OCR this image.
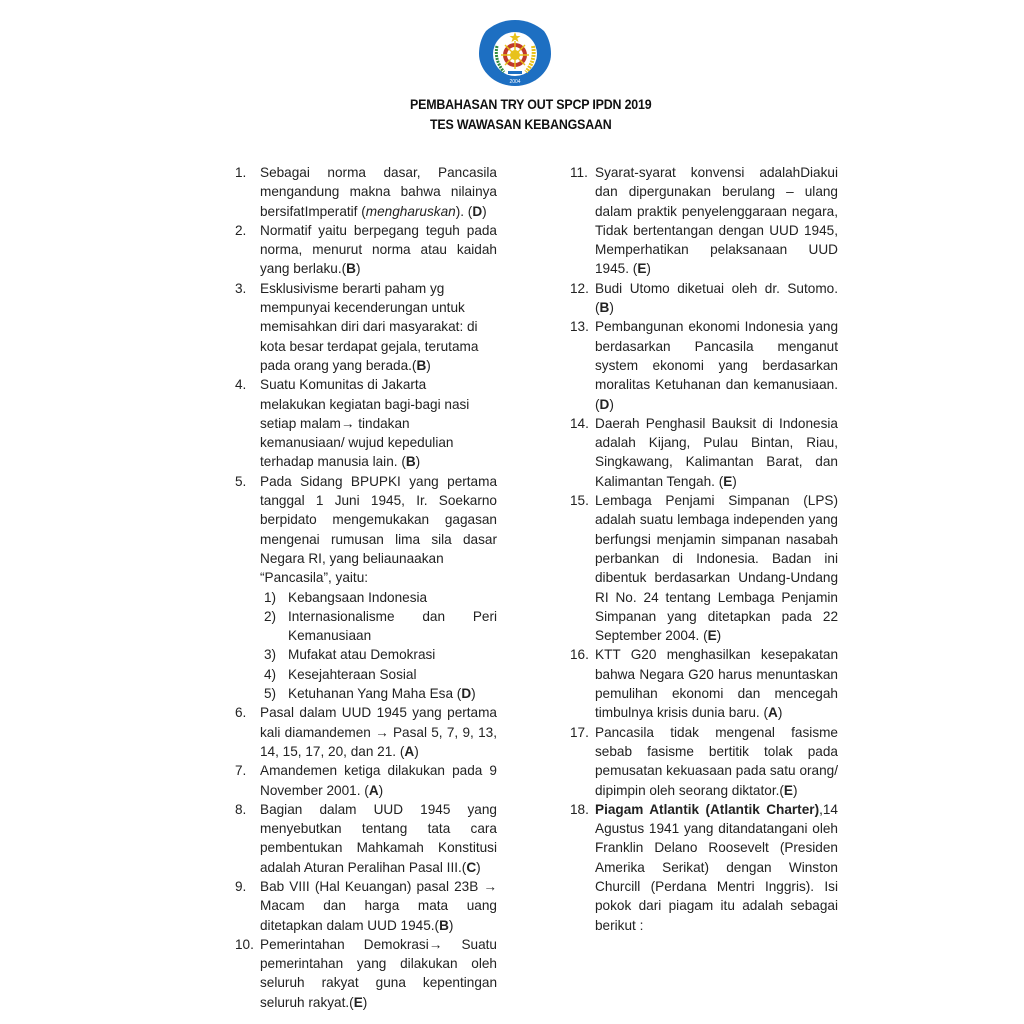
2004
PEMBAHASAN TRY OUT SPCP IPDN 2019
TES WAWASAN KEBANGSAAN
1. Sebagai norma dasar, Pancasila mengandung makna bahwa nilainya bersifatImperatif (mengharuskan). (D)
2. Normatif yaitu berpegang teguh pada norma, menurut norma atau kaidah yang berlaku.(B)
3. Esklusivisme berarti paham yg
mempunyai kecenderungan untuk
memisahkan diri dari masyarakat: di
kota besar terdapat gejala, terutama
pada orang yang berada.(B)
4. Suatu Komunitas di Jakarta
melakukan kegiatan bagi-bagi nasi
setiap malam→ tindakan
kemanusiaan/ wujud kepedulian
terhadap manusia lain. (B)
5. Pada Sidang BPUPKI yang pertama tanggal 1 Juni 1945, Ir. Soekarno berpidato mengemukakan gagasan mengenai rumusan lima sila dasar
Negara RI, yang beliaunaakan
“Pancasila”, yaitu:
1) Kebangsaan Indonesia
2) Internasionalisme dan Peri Kemanusiaan
3) Mufakat atau Demokrasi
4) Kesejahteraan Sosial
5) Ketuhanan Yang Maha Esa (D)
6. Pasal dalam UUD 1945 yang pertama kali diamandemen → Pasal 5, 7, 9, 13, 14, 15, 17, 20, dan 21. (A)
7. Amandemen ketiga dilakukan pada 9 November 2001. (A)
8. Bagian dalam UUD 1945 yang menyebutkan tentang tata cara pembentukan Mahkamah Konstitusi adalah Aturan Peralihan Pasal III.(C)
9. Bab VIII (Hal Keuangan) pasal 23B → Macam dan harga mata uang ditetapkan dalam UUD 1945.(B)
10. Pemerintahan Demokrasi→ Suatu pemerintahan yang dilakukan oleh seluruh rakyat guna kepentingan seluruh rakyat.(E)
11. Syarat-syarat konvensi adalahDiakui dan dipergunakan berulang – ulang dalam praktik penyelenggaraan negara, Tidak bertentangan dengan UUD 1945, Memperhatikan pelaksanaan UUD 1945. (E)
12. Budi Utomo diketuai oleh dr. Sutomo. (B)
13. Pembangunan ekonomi Indonesia yang berdasarkan Pancasila menganut system ekonomi yang berdasarkan moralitas Ketuhanan dan kemanusiaan.(D)
14. Daerah Penghasil Bauksit di Indonesia adalah Kijang, Pulau Bintan, Riau, Singkawang, Kalimantan Barat, dan Kalimantan Tengah. (E)
15. Lembaga Penjami Simpanan (LPS) adalah suatu lembaga independen yang berfungsi menjamin simpanan nasabah perbankan di Indonesia. Badan ini dibentuk berdasarkan Undang-Undang RI No. 24 tentang Lembaga Penjamin Simpanan yang ditetapkan pada 22 September 2004. (E)
16. KTT G20 menghasilkan kesepakatan bahwa Negara G20 harus menuntaskan pemulihan ekonomi dan mencegah timbulnya krisis dunia baru. (A)
17. Pancasila tidak mengenal fasisme sebab fasisme bertitik tolak pada pemusatan kekuasaan pada satu orang/ dipimpin oleh seorang diktator.(E)
18. Piagam Atlantik (Atlantik Charter),14 Agustus 1941 yang ditandatangani oleh Franklin Delano Roosevelt (Presiden Amerika Serikat) dengan Winston Churcill (Perdana Mentri Inggris). Isi pokok dari piagam itu adalah sebagai berikut :
